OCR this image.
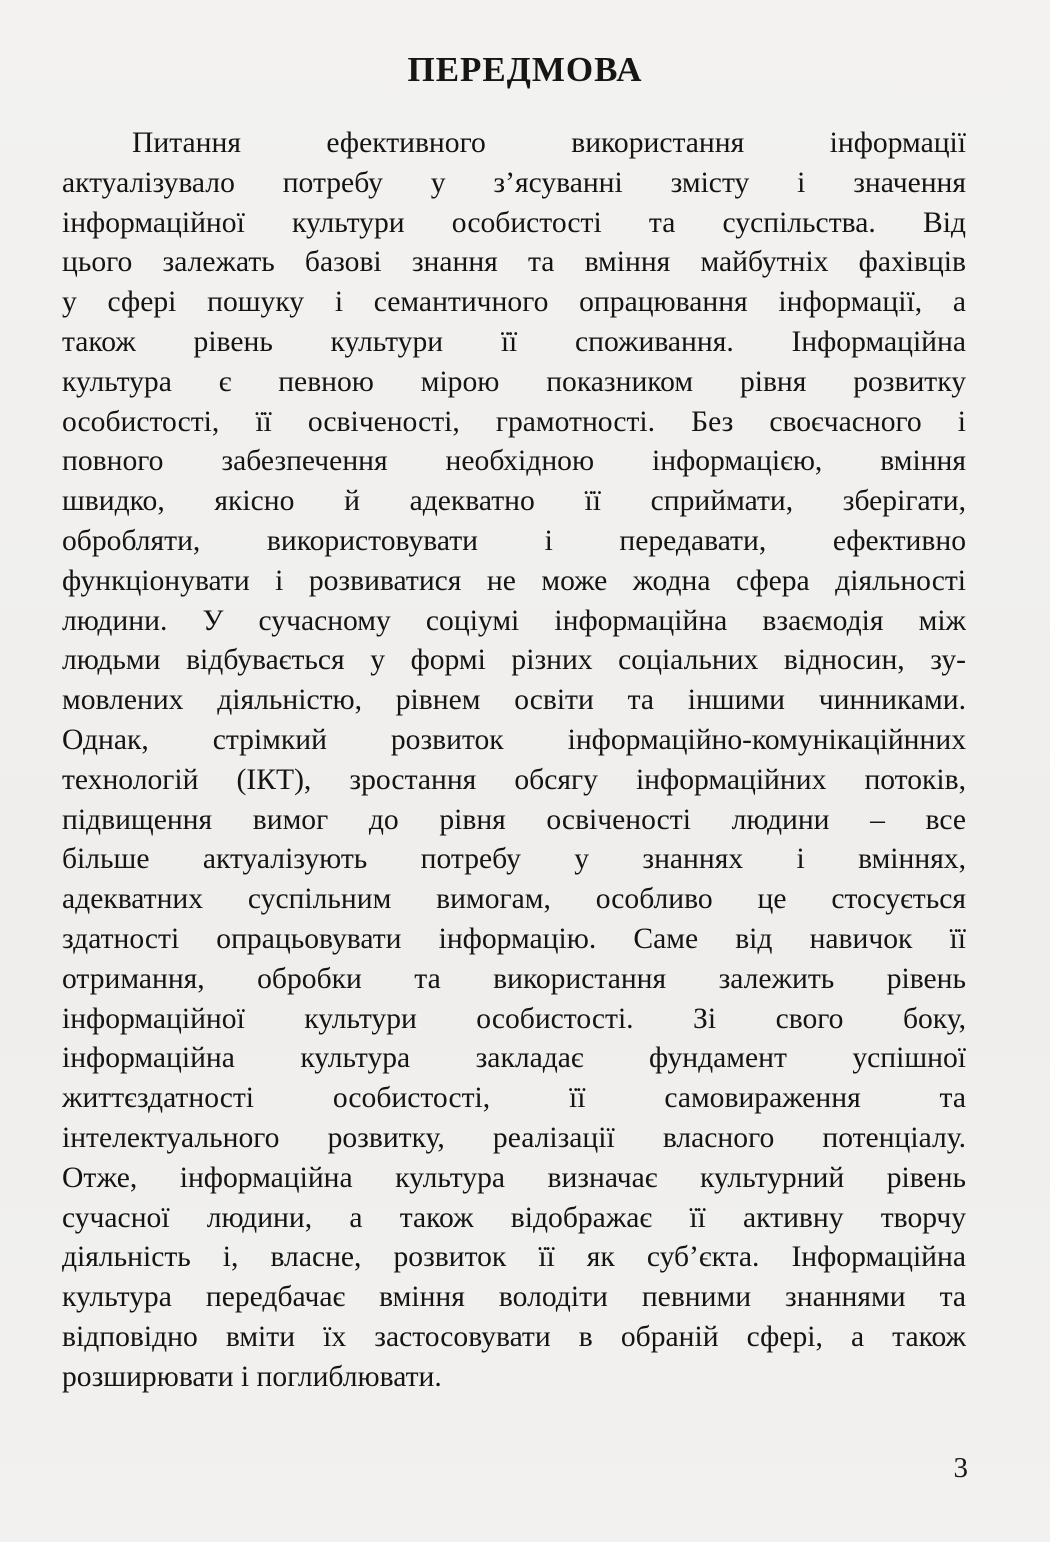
ПЕРЕДМОВА
Питання ефективного використання інформації
актуалізувало потребу у з’ясуванні змісту і значення
інформаційної культури особистості та суспільства. Від
цього залежать базові знання та вміння майбутніх фахівців
у сфері пошуку і семантичного опрацювання інформації, а
також рівень культури її споживання. Інформаційна
культура є певною мірою показником рівня розвитку
особистості, її освіченості, грамотності. Без своєчасного і
повного забезпечення необхідною інформацією, вміння
швидко, якісно й адекватно її сприймати, зберігати,
обробляти, використовувати і передавати, ефективно
функціонувати і розвиватися не може жодна сфера діяльності
людини. У сучасному соціумі інформаційна взаємодія між
людьми відбувається у формі різних соціальних відносин, зу-
мовлених діяльністю, рівнем освіти та іншими чинниками.
Однак, стрімкий розвиток інформаційно-комунікаційнних
технологій (ІКТ), зростання обсягу інформаційних потоків,
підвищення вимог до рівня освіченості людини – все
більше актуалізують потребу у знаннях і вміннях,
адекватних суспільним вимогам, особливо це стосується
здатності опрацьовувати інформацію. Саме від навичок її
отримання, обробки та використання залежить рівень
інформаційної культури особистості. Зі свого боку,
інформаційна культура закладає фундамент успішної
життєздатності особистості, її самовираження та
інтелектуального розвитку, реалізації власного потенціалу.
Отже, інформаційна культура визначає культурний рівень
сучасної людини, а також відображає її активну творчу
діяльність і, власне, розвиток її як суб’єкта. Інформаційна
культура передбачає вміння володіти певними знаннями та
відповідно вміти їх застосовувати в обраній сфері, а також
розширювати і поглиблювати.
3
